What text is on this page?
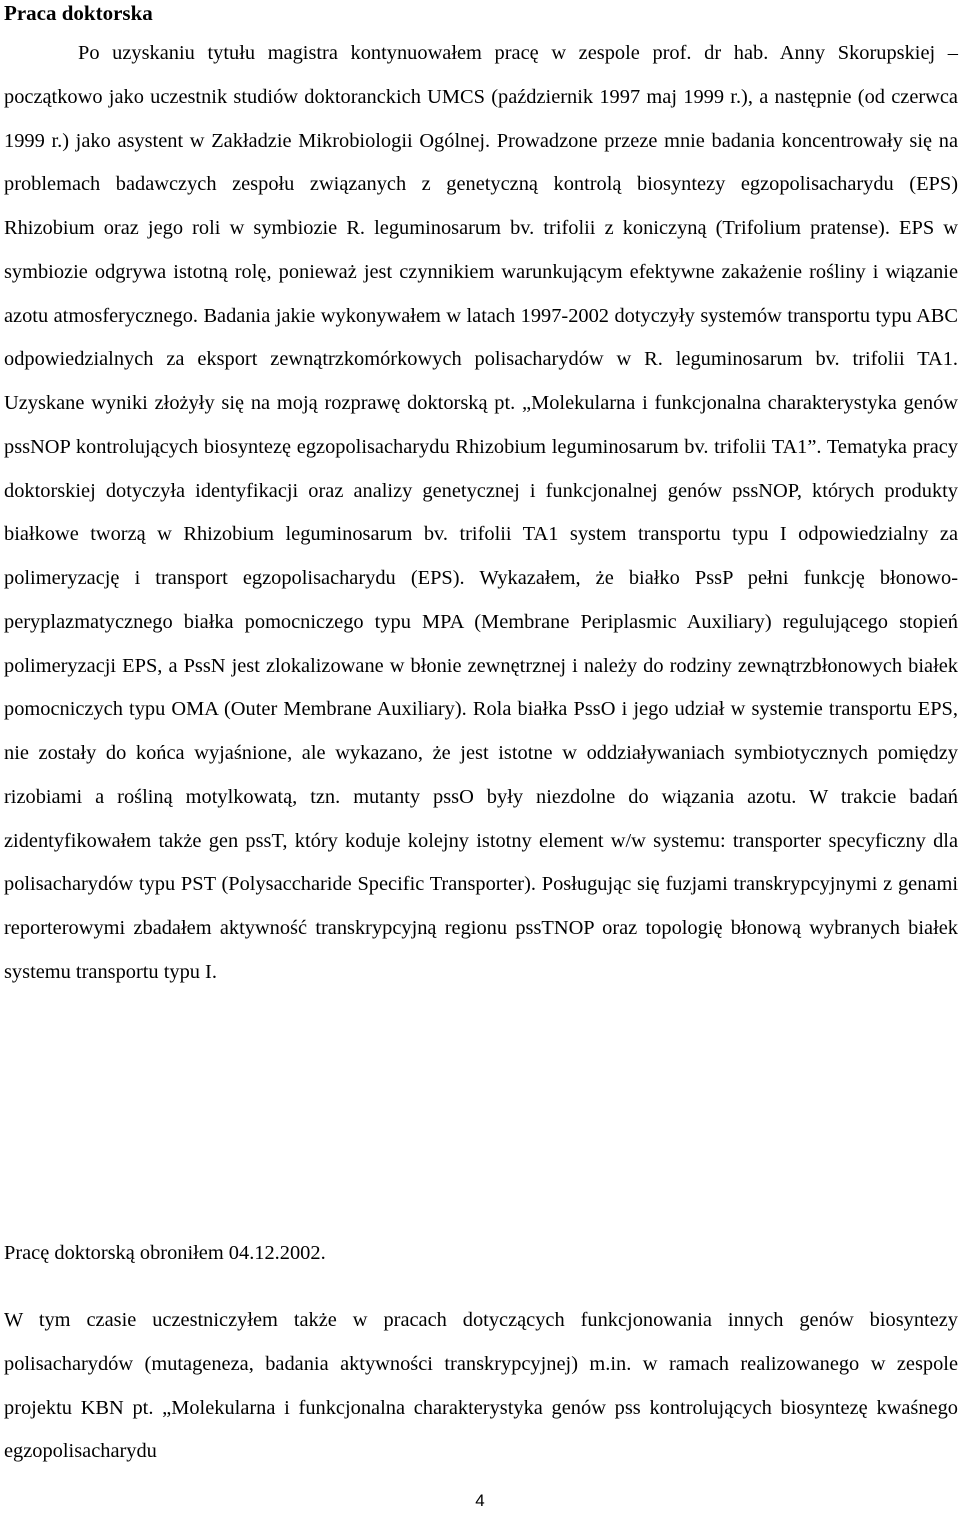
Praca doktorska

Po uzyskaniu tytułu magistra kontynuowałem pracę w zespole prof. dr hab. Anny Skorupskiej – początkowo jako uczestnik studiów doktoranckich UMCS (październik 1997 maj 1999 r.), a następnie (od czerwca 1999 r.) jako asystent w Zakładzie Mikrobiologii Ogólnej. Prowadzone przeze mnie badania koncentrowały się na problemach badawczych zespołu związanych z genetyczną kontrolą biosyntezy egzopolisacharydu (EPS) Rhizobium oraz jego roli w symbiozie R. leguminosarum bv. trifolii z koniczyną (Trifolium pratense). EPS w symbiozie odgrywa istotną rolę, ponieważ jest czynnikiem warunkującym efektywne zakażenie rośliny i wiązanie azotu atmosferycznego. Badania jakie wykonywałem w latach 1997-2002 dotyczyły systemów transportu typu ABC odpowiedzialnych za eksport zewnątrzkomórkowych polisacharydów w R. leguminosarum bv. trifolii TA1. Uzyskane wyniki złożyły się na moją rozprawę doktorską pt. „Molekularna i funkcjonalna charakterystyka genów pssNOP kontrolujących biosyntezę egzopolisacharydu Rhizobium leguminosarum bv. trifolii TA1”. Tematyka pracy doktorskiej dotyczyła identyfikacji oraz analizy genetycznej i funkcjonalnej genów pssNOP, których produkty białkowe tworzą w Rhizobium leguminosarum bv. trifolii TA1 system transportu typu I odpowiedzialny za polimeryzację i transport egzopolisacharydu (EPS). Wykazałem, że białko PssP pełni funkcję błonowo-peryplazmatycznego białka pomocniczego typu MPA (Membrane Periplasmic Auxiliary) regulującego stopień polimeryzacji EPS, a PssN jest zlokalizowane w błonie zewnętrznej i należy do rodziny zewnątrzbłonowych białek pomocniczych typu OMA (Outer Membrane Auxiliary). Rola białka PssO i jego udział w systemie transportu EPS, nie zostały do końca wyjaśnione, ale wykazano, że jest istotne w oddziaływaniach symbiotycznych pomiędzy rizobiami a rośliną motylkowatą, tzn. mutanty pssO były niezdolne do wiązania azotu. W trakcie badań zidentyfikowałem także gen pssT, który koduje kolejny istotny element w/w systemu: transporter specyficzny dla polisacharydów typu PST (Polysaccharide Specific Transporter). Posługując się fuzjami transkrypcyjnymi z genami reporterowymi zbadałem aktywność transkrypcyjną regionu pssTNOP oraz topologię błonową wybranych białek systemu transportu typu I.

Pracę doktorską obroniłem 04.12.2002.

W tym czasie uczestniczyłem także w pracach dotyczących funkcjonowania innych genów biosyntezy polisacharydów (mutageneza, badania aktywności transkrypcyjnej) m.in. w ramach realizowanego w zespole projektu KBN pt. „Molekularna i funkcjonalna charakterystyka genów pss kontrolujących biosyntezę kwaśnego egzopolisacharydu

4
